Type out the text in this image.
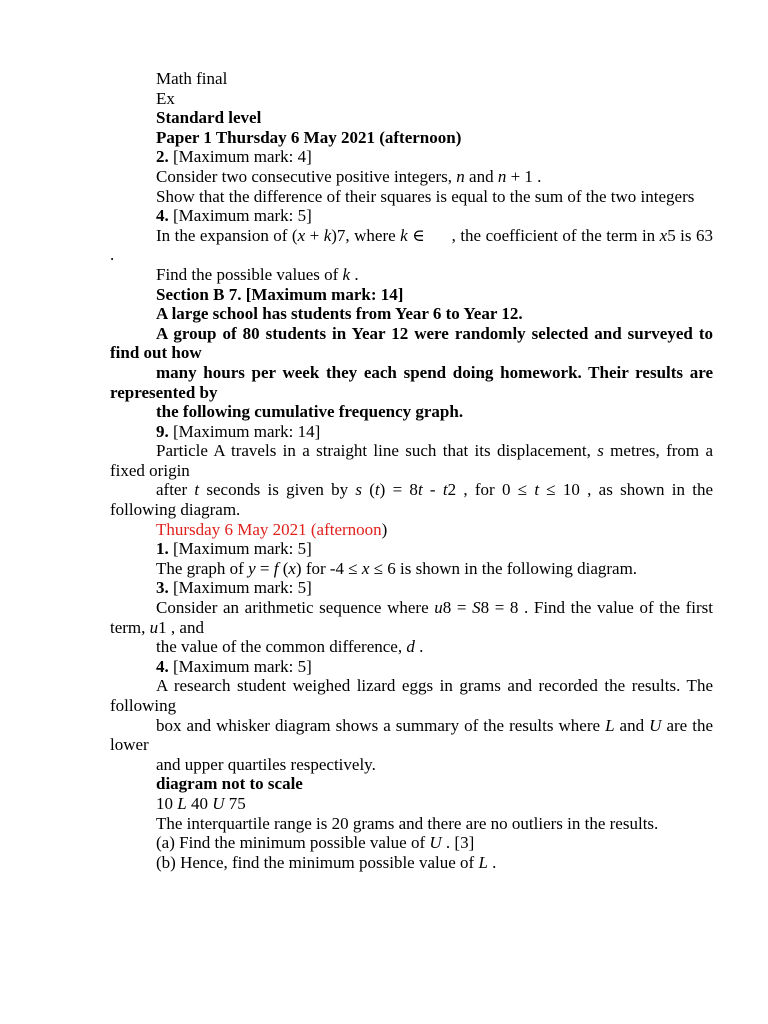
Math final

Ex

Standard level

Paper 1 Thursday 6 May 2021 (afternoon)

2. [Maximum mark: 4]

Consider two consecutive positive integers, n and n + 1 .

Show that the difference of their squares is equal to the sum of the two integers

4. [Maximum mark: 5]

In the expansion of (x + k)7, where k ∈      , the coefficient of the term in x5 is 63 .

Find the possible values of k .

Section B 7. [Maximum mark: 14]

A large school has students from Year 6 to Year 12.

A group of 80 students in Year 12 were randomly selected and surveyed to find out how

many hours per week they each spend doing homework. Their results are represented by

the following cumulative frequency graph.

9. [Maximum mark: 14]

Particle A travels in a straight line such that its displacement, s metres, from a fixed origin

after t seconds is given by s (t) = 8t - t2 , for 0 ≤ t ≤ 10 , as shown in the following diagram.

Thursday 6 May 2021 (afternoon)

1. [Maximum mark: 5]

The graph of y = f (x) for -4 ≤ x ≤ 6 is shown in the following diagram.

3. [Maximum mark: 5]

Consider an arithmetic sequence where u8 = S8 = 8 . Find the value of the first term, u1 , and

the value of the common difference, d .

4. [Maximum mark: 5]

A research student weighed lizard eggs in grams and recorded the results. The following

box and whisker diagram shows a summary of the results where L and U are the lower

and upper quartiles respectively.

diagram not to scale

10 L 40 U 75

The interquartile range is 20 grams and there are no outliers in the results.

(a) Find the minimum possible value of U . [3]

(b) Hence, find the minimum possible value of L .
